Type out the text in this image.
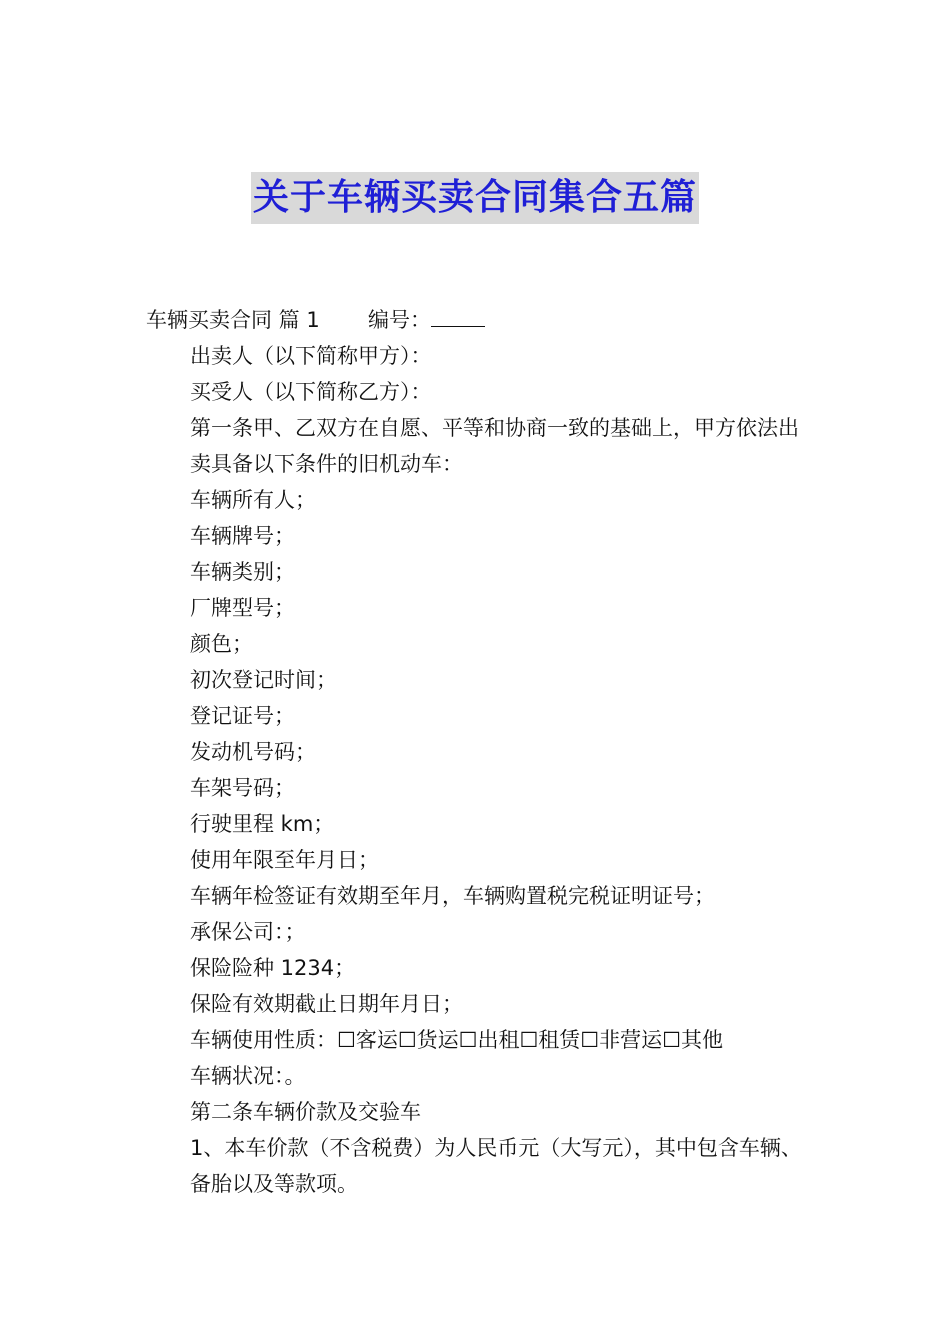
关于车辆买卖合同集合五篇
车辆买卖合同 篇 1	编号：

出卖人（以下简称甲方）：

买受人（以下简称乙方）：

第一条甲、乙双方在自愿、平等和协商一致的基础上，甲方依法出卖具备以下条件的旧机动车：

车辆所有人；

车辆牌号；

车辆类别；

厂牌型号；

颜色；

初次登记时间；

登记证号；

发动机号码；

车架号码；

行驶里程 km；

使用年限至年月日；

车辆年检签证有效期至年月，车辆购置税完税证明证号；

承保公司：；

保险险种 1234；

保险有效期截止日期年月日；

车辆使用性质：☐客运☐货运☐出租☐租赁☐非营运☐其他

车辆状况：。

第二条车辆价款及交验车

1、本车价款（不含税费）为人民币元（大写元），其中包含车辆、备胎以及等款项。
